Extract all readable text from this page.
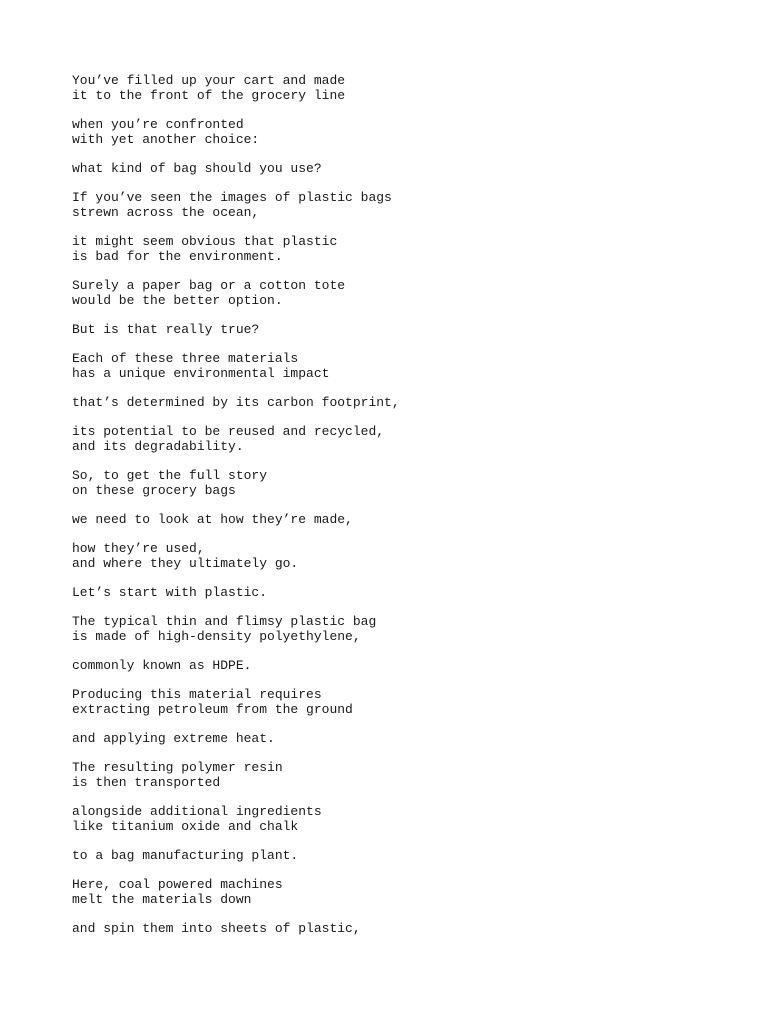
You’ve filled up your cart and made
it to the front of the grocery line
when you’re confronted
with yet another choice:
what kind of bag should you use?
If you’ve seen the images of plastic bags
strewn across the ocean,
it might seem obvious that plastic
is bad for the environment.
Surely a paper bag or a cotton tote
would be the better option.
But is that really true?
Each of these three materials
has a unique environmental impact
that’s determined by its carbon footprint,
its potential to be reused and recycled,
and its degradability.
So, to get the full story
on these grocery bags
we need to look at how they’re made,
how they’re used,
and where they ultimately go.
Let’s start with plastic.
The typical thin and flimsy plastic bag
is made of high-density polyethylene,
commonly known as HDPE.
Producing this material requires
extracting petroleum from the ground
and applying extreme heat.
The resulting polymer resin
is then transported
alongside additional ingredients
like titanium oxide and chalk
to a bag manufacturing plant.
Here, coal powered machines
melt the materials down
and spin them into sheets of plastic,
